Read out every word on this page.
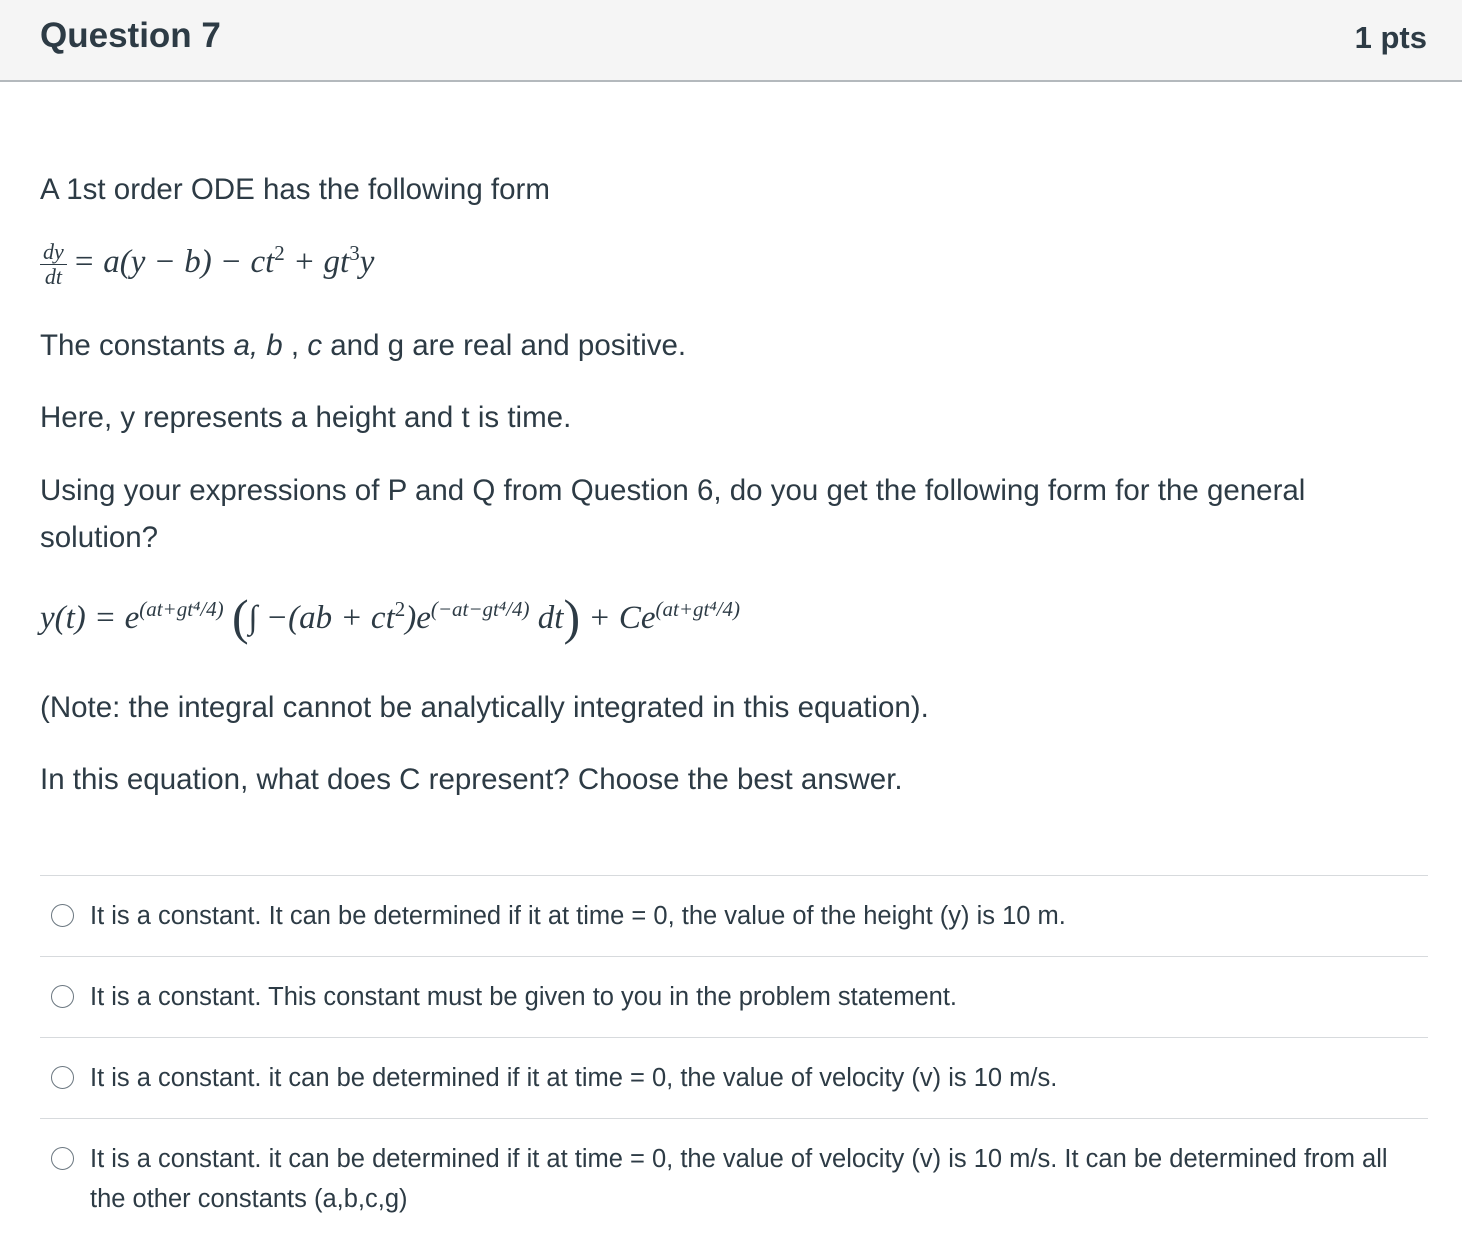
Question 7	1 pts
A 1st order ODE has the following form
$\frac{dy}{dt} = a(y - b) - ct^2 + gt^3y$
The constants a, b , c and g are real and positive.
Here, y represents a height and t is time.
Using your expressions of P and Q from Question 6, do you get the following form for the general solution?
$y(t) = e^{(at+gt^4/4)}$ (∫ $-(ab + ct^2)e^{(-at-gt^4/4)}$ $dt) + Ce^{(at+gt^4/4)}$
(Note: the integral cannot be analytically integrated in this equation).
In this equation, what does C represent? Choose the best answer.
It is a constant. It can be determined if it at time = 0, the value of the height (y) is 10 m.
It is a constant. This constant must be given to you in the problem statement.
It is a constant. it can be determined if it at time = 0, the value of velocity (v) is 10 m/s.
It is a constant. it can be determined if it at time = 0, the value of velocity (v) is 10 m/s. It can be determined from all the other constants (a,b,c,g)
